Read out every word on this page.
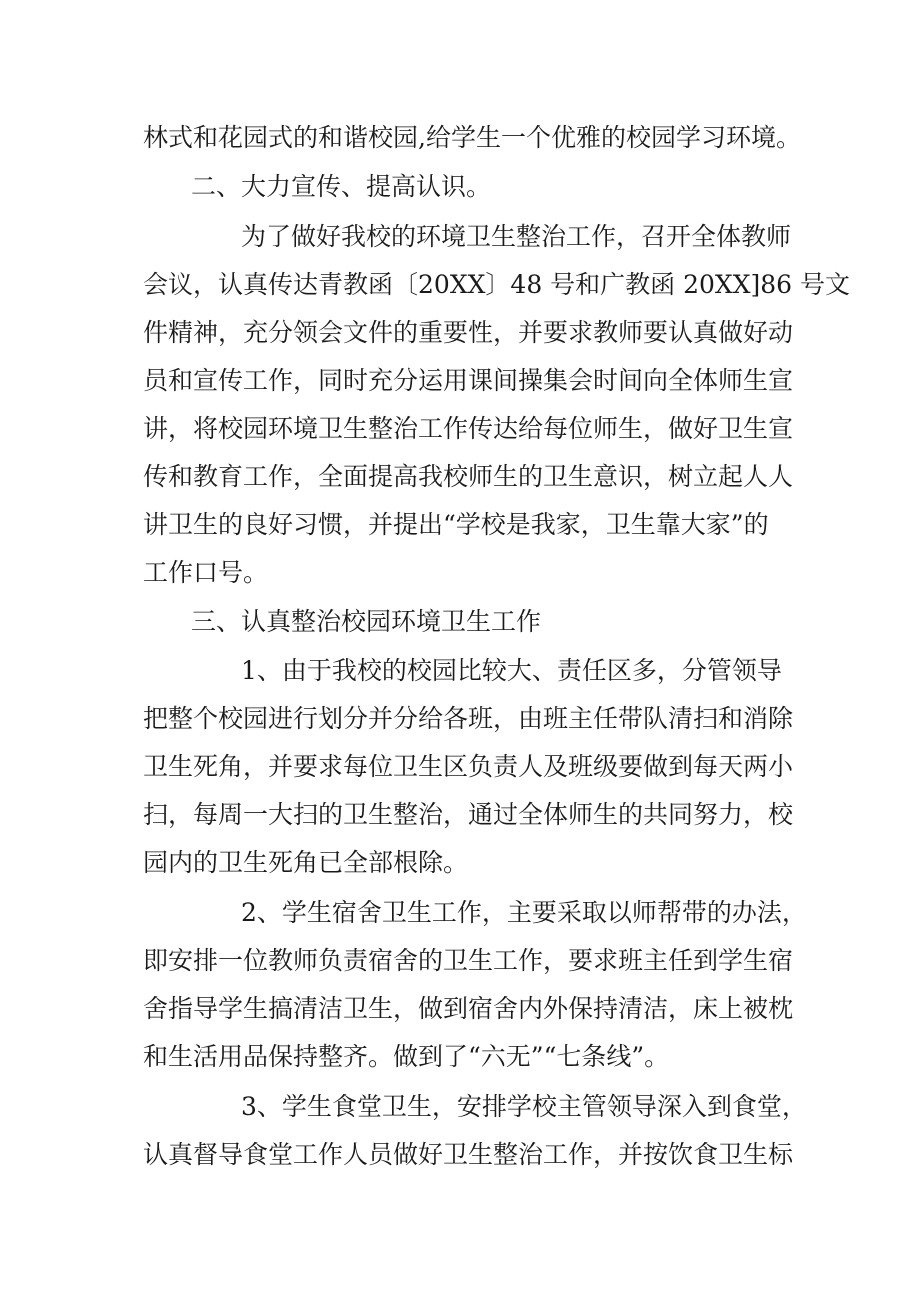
林式和花园式的和谐校园,给学生一个优雅的校园学习环境。
二、大力宣传、提高认识。
为了做好我校的环境卫生整治工作，召开全体教师
会议，认真传达青教函〔20XX〕48 号和广教函 20XX]86 号文
件精神，充分领会文件的重要性，并要求教师要认真做好动
员和宣传工作，同时充分运用课间操集会时间向全体师生宣
讲，将校园环境卫生整治工作传达给每位师生，做好卫生宣
传和教育工作，全面提高我校师生的卫生意识，树立起人人
讲卫生的良好习惯，并提出“学校是我家，卫生靠大家”的
工作口号。
三、认真整治校园环境卫生工作
1、由于我校的校园比较大、责任区多，分管领导
把整个校园进行划分并分给各班，由班主任带队清扫和消除
卫生死角，并要求每位卫生区负责人及班级要做到每天两小
扫，每周一大扫的卫生整治，通过全体师生的共同努力，校
园内的卫生死角已全部根除。
2、学生宿舍卫生工作，主要采取以师帮带的办法，
即安排一位教师负责宿舍的卫生工作，要求班主任到学生宿
舍指导学生搞清洁卫生，做到宿舍内外保持清洁，床上被枕
和生活用品保持整齐。做到了“六无”“七条线”。
3、学生食堂卫生，安排学校主管领导深入到食堂，
认真督导食堂工作人员做好卫生整治工作，并按饮食卫生标
